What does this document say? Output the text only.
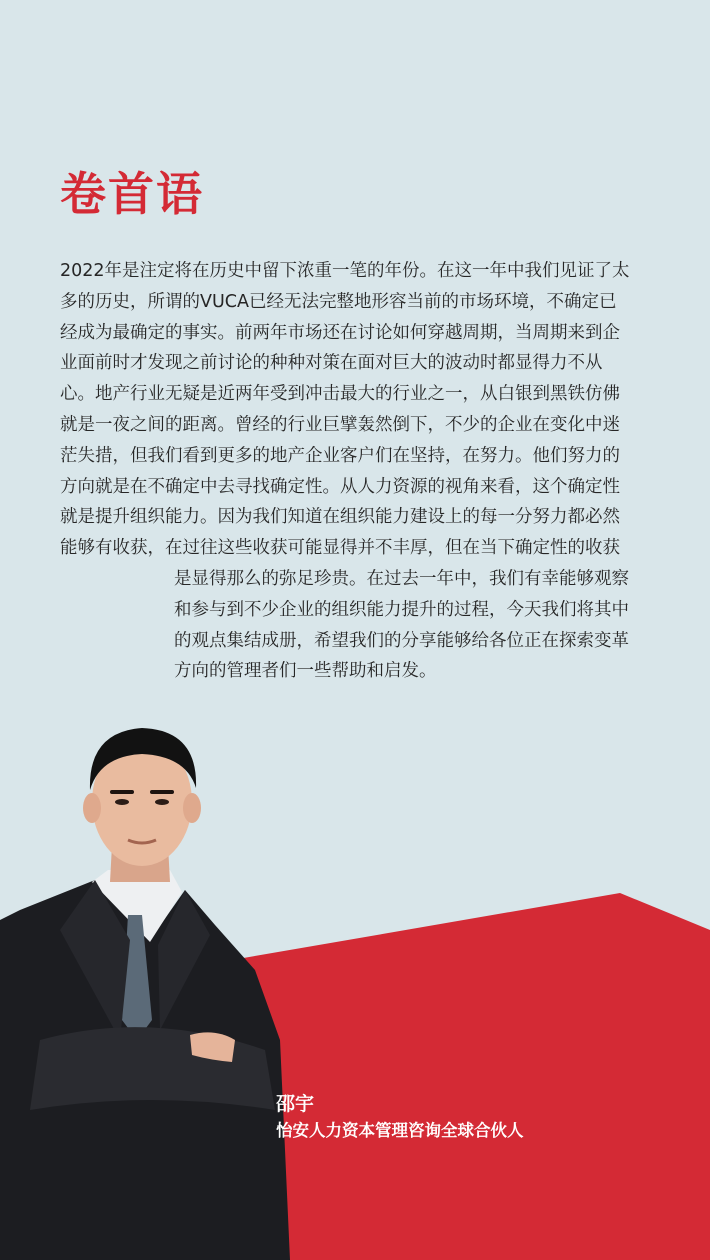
卷首语
2022年是注定将在历史中留下浓重一笔的年份。在这一年中我们见证了太
多的历史，所谓的VUCA已经无法完整地形容当前的市场环境，不确定已
经成为最确定的事实。前两年市场还在讨论如何穿越周期，当周期来到企
业面前时才发现之前讨论的种种对策在面对巨大的波动时都显得力不从
心。地产行业无疑是近两年受到冲击最大的行业之一，从白银到黑铁仿佛
就是一夜之间的距离。曾经的行业巨擘轰然倒下，不少的企业在变化中迷
茫失措，但我们看到更多的地产企业客户们在坚持，在努力。他们努力的
方向就是在不确定中去寻找确定性。从人力资源的视角来看，这个确定性
就是提升组织能力。因为我们知道在组织能力建设上的每一分努力都必然
能够有收获，在过往这些收获可能显得并不丰厚，但在当下确定性的收获
是显得那么的弥足珍贵。在过去一年中，我们有幸能够观察
和参与到不少企业的组织能力提升的过程，今天我们将其中
的观点集结成册，希望我们的分享能够给各位正在探索变革
方向的管理者们一些帮助和启发。
邵宇
怡安人力资本管理咨询全球合伙人
